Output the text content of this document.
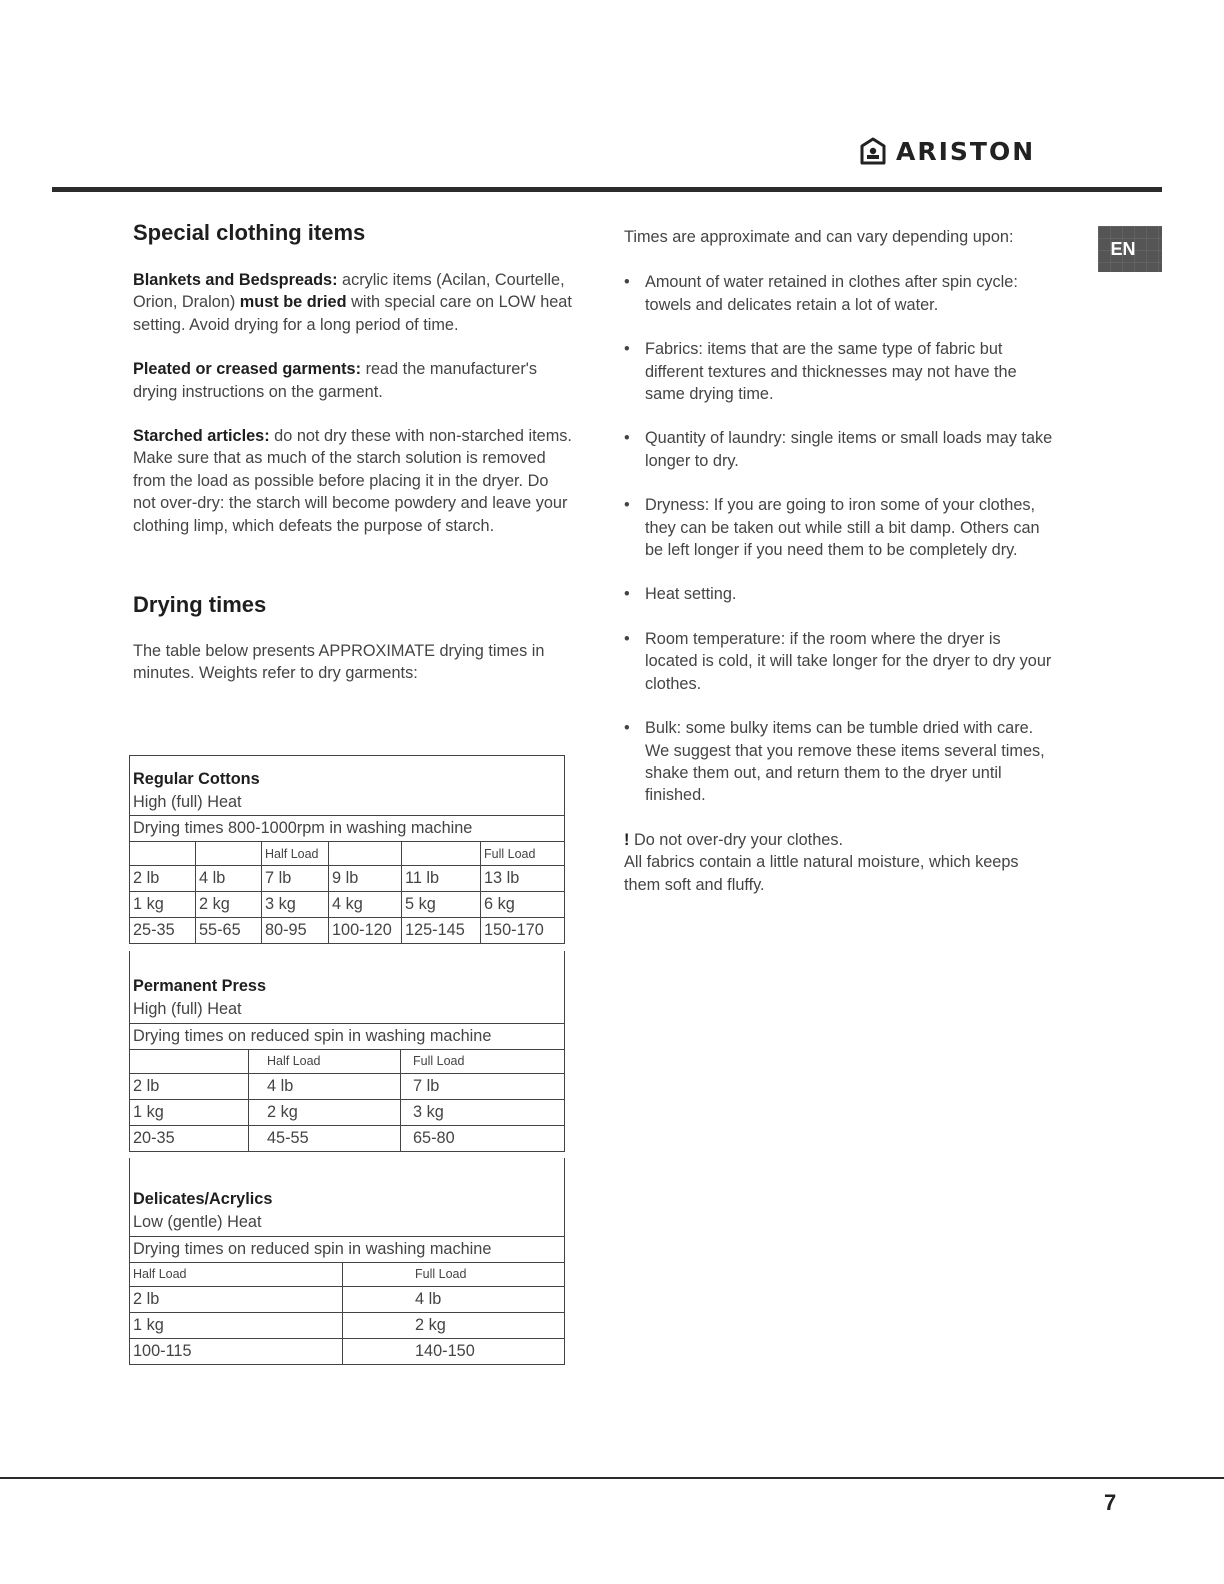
ARISTON
EN
Special clothing items

Blankets and Bedspreads: acrylic items (Acilan, Courtelle, Orion, Dralon) must be dried with special care on LOW heat setting. Avoid drying for a long period of time.

Pleated or creased garments: read the manufacturer's drying instructions on the garment.

Starched articles: do not dry these with non-starched items. Make sure that as much of the starch solution is removed from the load as possible before placing it in the dryer. Do not over-dry: the starch will become powdery and leave your clothing limp, which defeats the purpose of starch.

Drying times

The table below presents APPROXIMATE drying times in minutes. Weights refer to dry garments:

Regular Cottons					
High (full) Heat					
Drying times 800-1000rpm in washing machine					
		Half Load			Full Load
2 lb	4 lb	7 lb	9 lb	11 lb	13 lb
1 kg	2 kg	3 kg	4 kg	5 kg	6 kg
25-35	55-65	80-95	100-120	125-145	150-170
Permanent Press		
High (full) Heat		
Drying times on reduced spin in washing machine		
	Half Load	Full Load
2 lb	4 lb	7 lb
1 kg	2 kg	3 kg
20-35	45-55	65-80
Delicates/Acrylics	
Low (gentle) Heat	
Drying times on reduced spin in washing machine	
Half Load	Full Load
2 lb	4 lb
1 kg	2 kg
100-115	140-150

Times are approximate and can vary depending upon:

• Amount of water retained in clothes after spin cycle: towels and delicates retain a lot of water.
• Fabrics: items that are the same type of fabric but different textures and thicknesses may not have the same drying time.
• Quantity of laundry: single items or small loads may take longer to dry.
• Dryness: If you are going to iron some of your clothes, they can be taken out while still a bit damp. Others can be left longer if you need them to be completely dry.
• Heat setting.
• Room temperature: if the room where the dryer is located is cold, it will take longer for the dryer to dry your clothes.
• Bulk: some bulky items can be tumble dried with care. We suggest that you remove these items several times, shake them out, and return them to the dryer until finished.

! Do not over-dry your clothes.

All fabrics contain a little natural moisture, which keeps them soft and fluffy.

7
